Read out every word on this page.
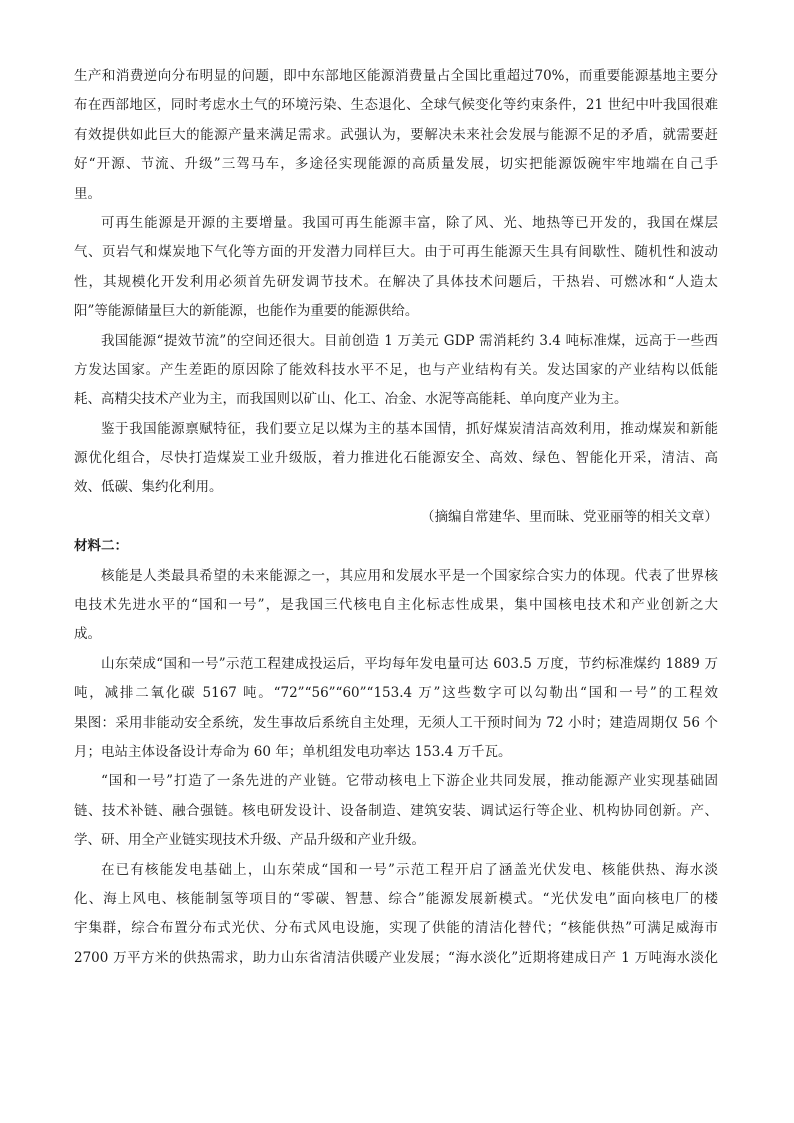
生产和消费逆向分布明显的问题，即中东部地区能源消费量占全国比重超过70%，而重要能源基地主要分
布在西部地区，同时考虑水土气的环境污染、生态退化、全球气候变化等约束条件，21 世纪中叶我国很难
有效提供如此巨大的能源产量来满足需求。武强认为，要解决未来社会发展与能源不足的矛盾，就需要赶
好“开源、节流、升级”三驾马车，多途径实现能源的高质量发展，切实把能源饭碗牢牢地端在自己手
里。
可再生能源是开源的主要增量。我国可再生能源丰富，除了风、光、地热等已开发的，我国在煤层
气、页岩气和煤炭地下气化等方面的开发潜力同样巨大。由于可再生能源天生具有间歇性、随机性和波动
性，其规模化开发利用必须首先研发调节技术。在解决了具体技术问题后，干热岩、可燃冰和“人造太
阳”等能源储量巨大的新能源，也能作为重要的能源供给。
我国能源“提效节流”的空间还很大。目前创造 1 万美元 GDP 需消耗约 3.4 吨标准煤，远高于一些西
方发达国家。产生差距的原因除了能效科技水平不足，也与产业结构有关。发达国家的产业结构以低能
耗、高精尖技术产业为主，而我国则以矿山、化工、冶金、水泥等高能耗、单向度产业为主。
鉴于我国能源禀赋特征，我们要立足以煤为主的基本国情，抓好煤炭清洁高效利用，推动煤炭和新能
源优化组合，尽快打造煤炭工业升级版，着力推进化石能源安全、高效、绿色、智能化开采，清洁、高
效、低碳、集约化利用。
（摘编自常建华、里而昧、党亚丽等的相关文章）
材料二：
核能是人类最具希望的未来能源之一，其应用和发展水平是一个国家综合实力的体现。代表了世界核
电技术先进水平的“国和一号”，是我国三代核电自主化标志性成果，集中国核电技术和产业创新之大
成。
山东荣成“国和一号”示范工程建成投运后，平均每年发电量可达 603.5 万度，节约标准煤约 1889 万
吨，减排二氧化碳 5167 吨。“72”“56”“60”“153.4 万”这些数字可以勾勒出“国和一号”的工程效
果图：采用非能动安全系统，发生事故后系统自主处理，无须人工干预时间为 72 小时；建造周期仅 56 个
月；电站主体设备设计寿命为 60 年；单机组发电功率达 153.4 万千瓦。
“国和一号”打造了一条先进的产业链。它带动核电上下游企业共同发展，推动能源产业实现基础固
链、技术补链、融合强链。核电研发设计、设备制造、建筑安装、调试运行等企业、机构协同创新。产、
学、研、用全产业链实现技术升级、产品升级和产业升级。
在已有核能发电基础上，山东荣成“国和一号”示范工程开启了涵盖光伏发电、核能供热、海水淡
化、海上风电、核能制氢等项目的“零碳、智慧、综合”能源发展新模式。“光伏发电”面向核电厂的楼
宇集群，综合布置分布式光伏、分布式风电设施，实现了供能的清洁化替代；“核能供热”可满足威海市
2700 万平方米的供热需求，助力山东省清洁供暖产业发展；“海水淡化”近期将建成日产 1 万吨海水淡化
